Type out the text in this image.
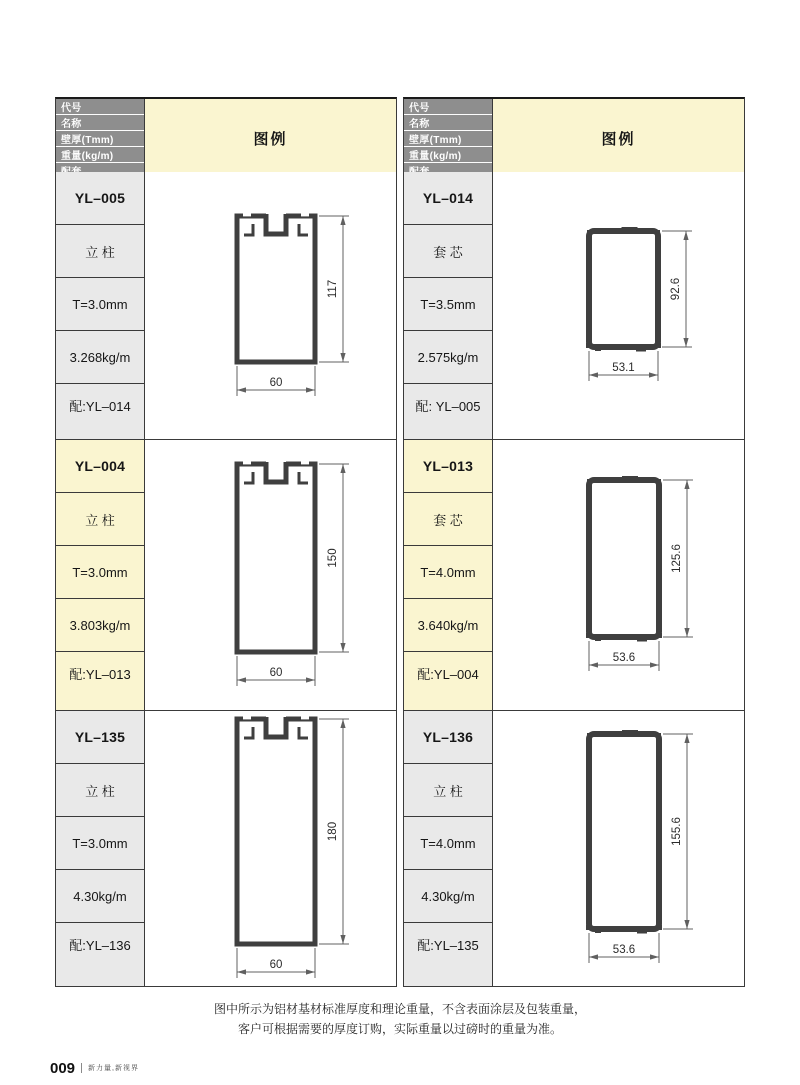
代号
名称
壁厚(Tmm)
重量(kg/m)
图例
YL–005
立 柱
T=3.0mm
3.268kg/m
配:YL–014
117
60
YL–004
立 柱
T=3.0mm
3.803kg/m
配:YL–013
150
60
YL–135
立 柱
T=3.0mm
4.30kg/m
配:YL–136
180
60
代号
名称
壁厚(Tmm)
重量(kg/m)
图例
YL–014
套 芯
T=3.5mm
2.575kg/m
配: YL–005
92.6
53.1
YL–013
套 芯
T=4.0mm
3.640kg/m
配:YL–004
125.6
53.6
YL–136
立 柱
T=4.0mm
4.30kg/m
配:YL–135
155.6
53.6
图中所示为铝材基材标准厚度和理论重量，不含表面涂层及包装重量，
客户可根据需要的厚度订购，实际重量以过磅时的重量为准。
009 新力量,新视界
